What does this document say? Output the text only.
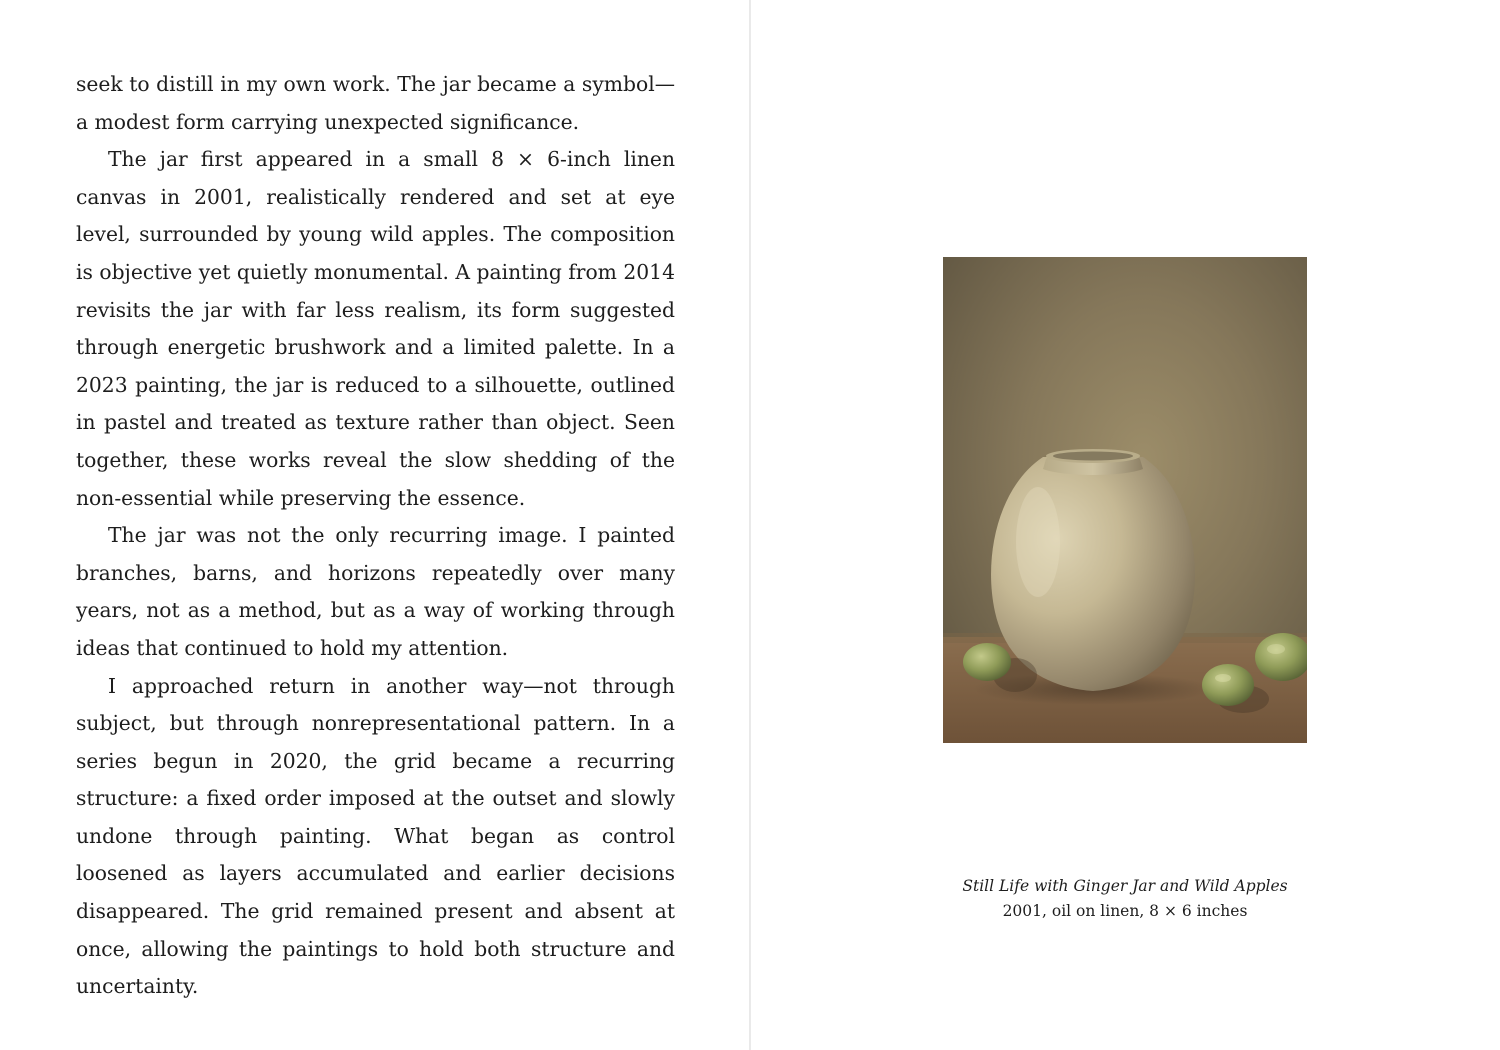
seek to distill in my own work. The jar became a symbol—a modest form carrying unexpected significance.

The jar first appeared in a small 8 × 6-inch linen canvas in 2001, realistically rendered and set at eye level, surrounded by young wild apples. The composition is objective yet quietly monumental. A painting from 2014 revisits the jar with far less realism, its form suggested through energetic brushwork and a limited palette. In a 2023 painting, the jar is reduced to a silhouette, outlined in pastel and treated as texture rather than object. Seen together, these works reveal the slow shedding of the non-essential while preserving the essence.

The jar was not the only recurring image. I painted branches, barns, and horizons repeatedly over many years, not as a method, but as a way of working through ideas that continued to hold my attention.

I approached return in another way—not through subject, but through nonrepresentational pattern. In a series begun in 2020, the grid became a recurring structure: a fixed order imposed at the outset and slowly undone through painting. What began as control loosened as layers accumulated and earlier decisions disappeared. The grid remained present and absent at once, allowing the paintings to hold both structure and uncertainty.

Still Life with Ginger Jar and Wild Apples
2001, oil on linen, 8 × 6 inches
